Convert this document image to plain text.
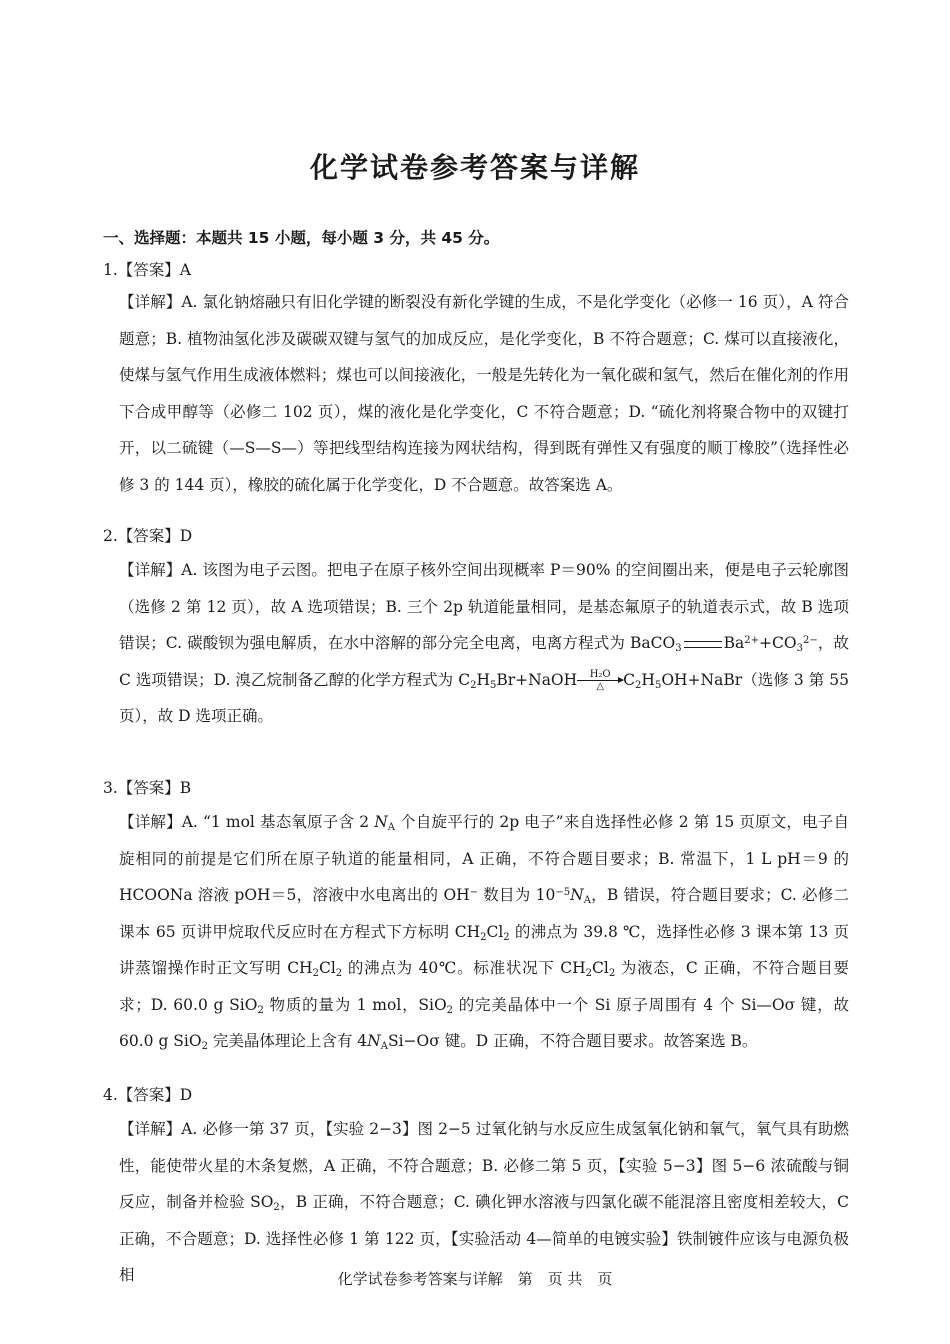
化学试卷参考答案与详解
一、选择题：本题共 15 小题，每小题 3 分，共 45 分。
1.【答案】A
【详解】A. 氯化钠熔融只有旧化学键的断裂没有新化学键的生成，不是化学变化（必修一 16 页），A 符合题意；B. 植物油氢化涉及碳碳双键与氢气的加成反应，是化学变化，B 不符合题意；C. 煤可以直接液化，使煤与氢气作用生成液体燃料；煤也可以间接液化，一般是先转化为一氧化碳和氢气，然后在催化剂的作用下合成甲醇等（必修二 102 页），煤的液化是化学变化，C 不符合题意；D. “硫化剂将聚合物中的双键打开，以二硫键（—S—S—）等把线型结构连接为网状结构，得到既有弹性又有强度的顺丁橡胶”（选择性必修 3 的 144 页），橡胶的硫化属于化学变化，D 不合题意。故答案选 A。
2.【答案】D
【详解】A. 该图为电子云图。把电子在原子核外空间出现概率 P＝90% 的空间圈出来，便是电子云轮廓图（选修 2 第 12 页），故 A 选项错误；B. 三个 2p 轨道能量相同，是基态氟原子的轨道表示式，故 B 选项错误；C. 碳酸钡为强电解质，在水中溶解的部分完全电离，电离方程式为 BaCO$_3$	$Ba^{2+}+CO_3^{2-}$，故 C 选项错误；D. 溴乙烷制备乙醇的化学方程式为 $C_2H_5Br+NaOH$	H₂O
△	$C_2H_5OH+NaBr$（选修 3 第 55 页），故 D 选项正确。
3.【答案】B
【详解】A. “1 mol 基态氧原子含 2 $N_A$ 个自旋平行的 2p 电子”来自选择性必修 2 第 15 页原文，电子自旋相同的前提是它们所在原子轨道的能量相同，A 正确，不符合题目要求；B. 常温下，1 L pH＝9 的 HCOONa 溶液 pOH＝5，溶液中水电离出的 OH− 数目为 $10^{-5}N_A$，B 错误，符合题目要求；C. 必修二课本 65 页讲甲烷取代反应时在方程式下方标明 $CH_2Cl_2$ 的沸点为 39.8 ℃，选择性必修 3 课本第 13 页讲蒸馏操作时正文写明 $CH_2Cl_2$ 的沸点为 40℃。标准状况下 $CH_2Cl_2$ 为液态，C 正确，不符合题目要求；D. 60.0 g SiO$_2$ 物质的量为 1 mol，SiO$_2$ 的完美晶体中一个 Si 原子周围有 4 个 Si—Oσ 键，故 60.0 g SiO$_2$ 完美晶体理论上含有 $4N_ASi-O\sigma$ 键。D 正确，不符合题目要求。故答案选 B。
4.【答案】D
【详解】A. 必修一第 37 页，【实验 2−3】图 2−5 过氧化钠与水反应生成氢氧化钠和氧气，氧气具有助燃性，能使带火星的木条复燃，A 正确，不符合题意；B. 必修二第 5 页，【实验 5−3】图 5−6 浓硫酸与铜反应，制备并检验 $SO_2$，B 正确，不符合题意；C. 碘化钾水溶液与四氯化碳不能混溶且密度相差较大，C 正确，不合题意；D. 选择性必修 1 第 122 页，【实验活动 4—简单的电镀实验】铁制镀件应该与电源负极相	化学试卷参考答案与详解　第　页 共　页
